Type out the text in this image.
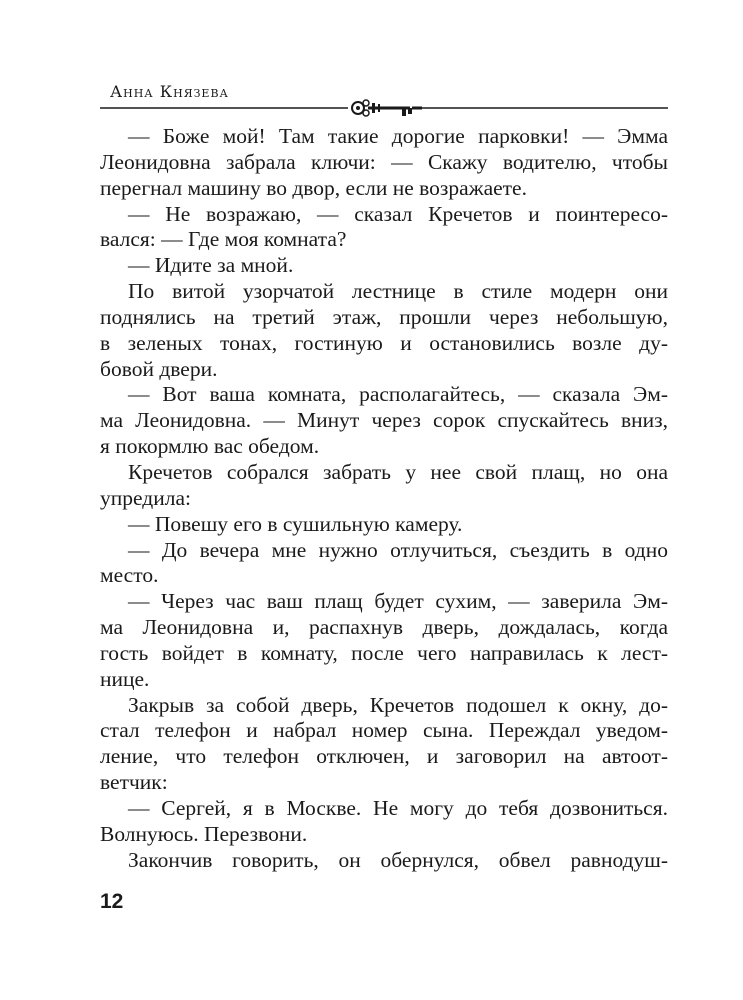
Анна Князева
— Боже мой! Там такие дорогие парковки! — Эмма
Леонидовна забрала ключи: — Скажу водителю, чтобы
перегнал машину во двор, если не возражаете.
— Не возражаю, — сказал Кречетов и поинтересо-
вался: — Где моя комната?
— Идите за мной.
По витой узорчатой лестнице в стиле модерн они
поднялись на третий этаж, прошли через небольшую,
в зеленых тонах, гостиную и остановились возле ду-
бовой двери.
— Вот ваша комната, располагайтесь, — сказала Эм-
ма Леонидовна. — Минут через сорок спускайтесь вниз,
я покормлю вас обедом.
Кречетов собрался забрать у нее свой плащ, но она
упредила:
— Повешу его в сушильную камеру.
— До вечера мне нужно отлучиться, съездить в одно
место.
— Через час ваш плащ будет сухим, — заверила Эм-
ма Леонидовна и, распахнув дверь, дождалась, когда
гость войдет в комнату, после чего направилась к лест-
нице.
Закрыв за собой дверь, Кречетов подошел к окну, до-
стал телефон и набрал номер сына. Переждал уведом-
ление, что телефон отключен, и заговорил на автоот-
ветчик:
— Сергей, я в Москве. Не могу до тебя дозвониться.
Волнуюсь. Перезвони.
Закончив говорить, он обернулся, обвел равнодуш-
12
